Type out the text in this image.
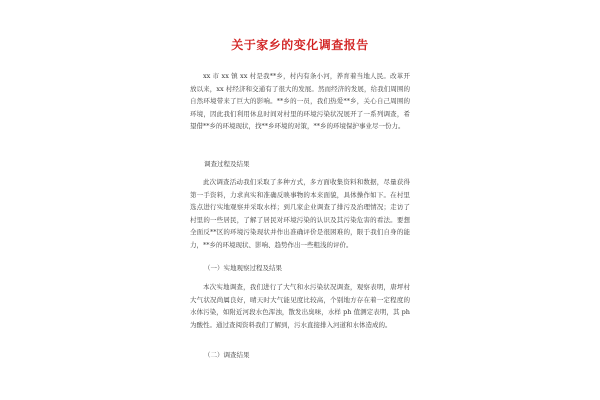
关于家乡的变化调查报告

xx 市 xx 镇 xx 村是我**乡，村内有条小河，养育着当地人民。改革开放以来，xx 村经济和交通有了很大的发展。然而经济的发展，给我们周围的自然环境带来了巨大的影响。**乡的一员，我们热爱**乡，关心自己周围的环境，因此我们利用休息时间对村里的环境污染状况展开了一系列调查，希望借**乡的环境现状，找**乡环境的对策，**乡的环境保护事业尽一份力。

调查过程及结果

此次调查活动我们采取了多种方式，多方面收集资料和数据，尽量获得第一手资料，力求真实和准确反映事物的本来面貌，具体操作如下。在村里选点进行实地观察并采取水样；到几家企业调查了排污及治理情况；走访了村里的一些居民，了解了居民对环境污染的认识及其污染危害的看法。要想全面反**区的环境污染现状并作出准确评价是很困难的，限于我们自身的能力，**乡的环境现状、影响、趋势作出一些粗浅的评价。

（一）实地观察过程及结果

本次实地调查，我们进行了大气和水污染状况调查，观察表明，唐坪村大气状况尚属良好，晴天时大气能见度比较高，个别地方存在着一定程度的水体污染，如附近河段水色浑浊，散发出臭味，水样 ph 值测定表明，其 ph 为酸性。通过查阅资料我们了解到，污水直接排入河道和水体造成的。

（二）调查结果
